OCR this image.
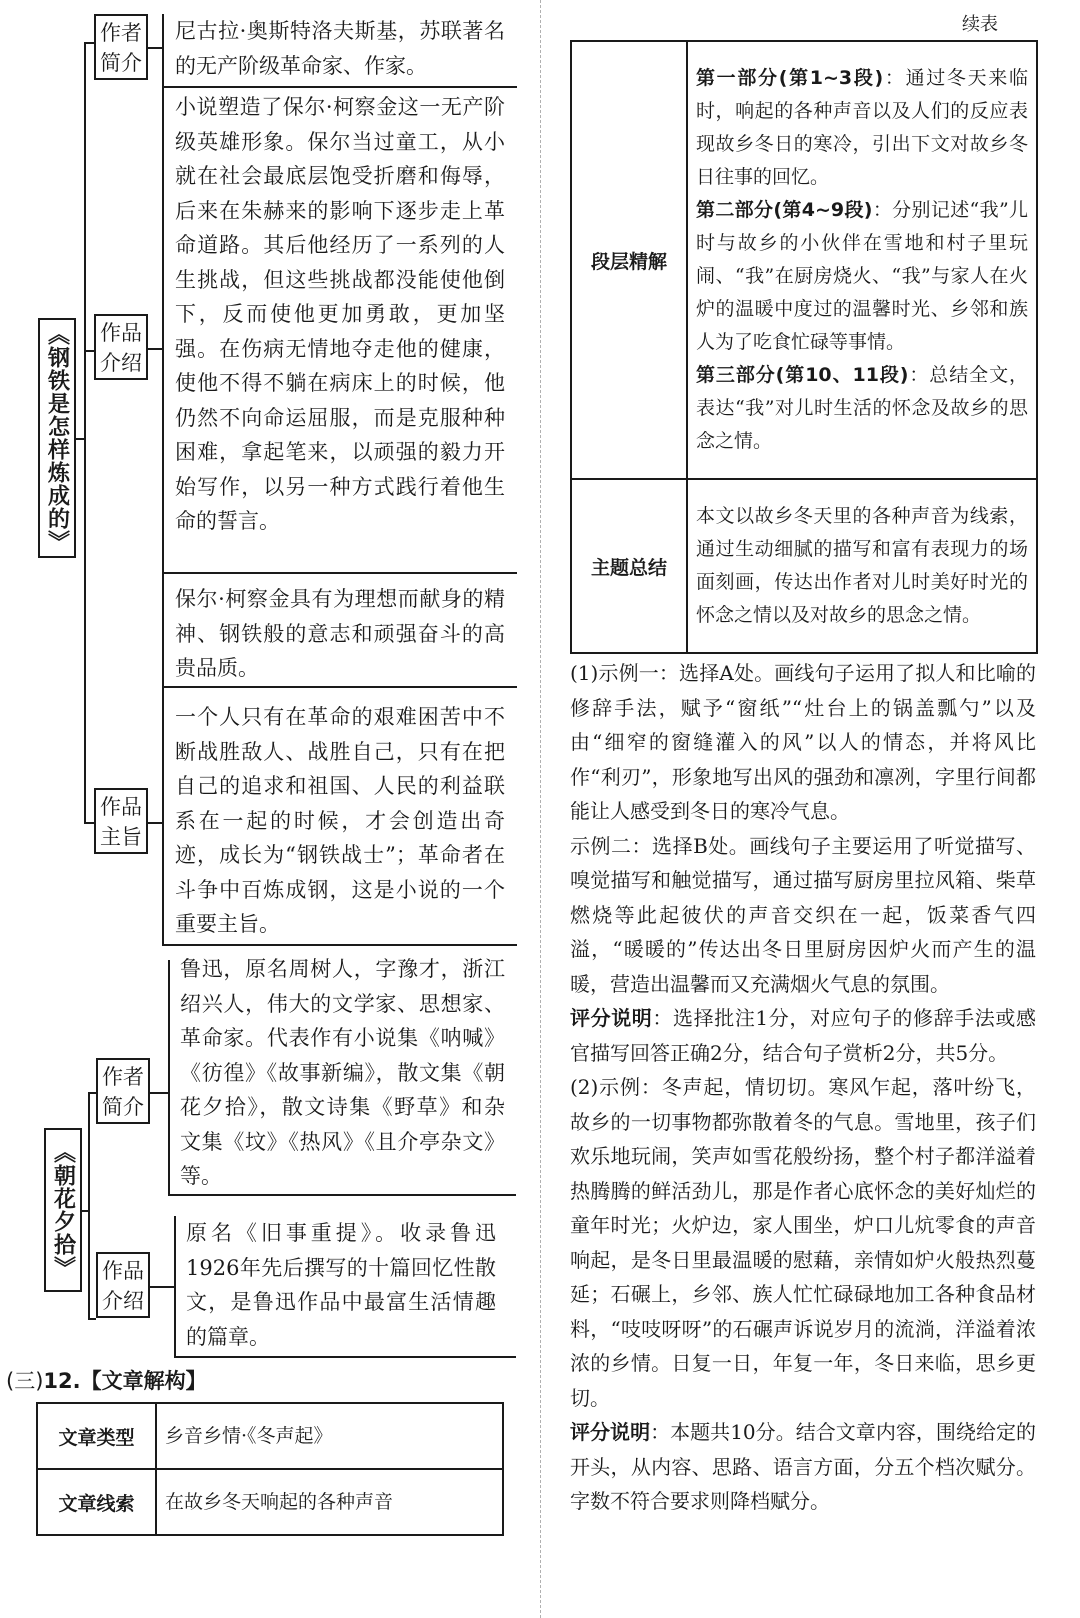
《钢铁是怎样炼成的》
作者简介
尼古拉·奥斯特洛夫斯基，苏联著名的无产阶级革命家、作家。
作品介绍
小说塑造了保尔·柯察金这一无产阶级英雄形象。保尔当过童工，从小就在社会最底层饱受折磨和侮辱，后来在朱赫来的影响下逐步走上革命道路。其后他经历了一系列的人生挑战，但这些挑战都没能使他倒下，反而使他更加勇敢，更加坚强。在伤病无情地夺走他的健康，使他不得不躺在病床上的时候，他仍然不向命运屈服，而是克服种种困难，拿起笔来，以顽强的毅力开始写作，以另一种方式践行着他生命的誓言。
保尔·柯察金具有为理想而献身的精神、钢铁般的意志和顽强奋斗的高贵品质。
作品主旨
一个人只有在革命的艰难困苦中不断战胜敌人、战胜自己，只有在把自己的追求和祖国、人民的利益联系在一起的时候，才会创造出奇迹，成长为“钢铁战士”；革命者在斗争中百炼成钢，这是小说的一个重要主旨。
《朝花夕拾》
作者简介
鲁迅，原名周树人，字豫才，浙江绍兴人，伟大的文学家、思想家、革命家。代表作有小说集《呐喊》《彷徨》《故事新编》，散文集《朝花夕拾》，散文诗集《野草》和杂文集《坟》《热风》《且介亭杂文》等。
作品介绍
原名《旧事重提》。收录鲁迅1926年先后撰写的十篇回忆性散文，是鲁迅作品中最富生活情趣的篇章。
(三)12.【文章解构】
文章类型	乡音乡情·《冬声起》
文章线索	在故乡冬天响起的各种声音
续表
段层精解	第一部分(第1~3段)：通过冬天来临时，响起的各种声音以及人们的反应表现故乡冬日的寒冷，引出下文对故乡冬日往事的回忆。
第二部分(第4~9段)：分别记述“我”儿时与故乡的小伙伴在雪地和村子里玩闹、“我”在厨房烧火、“我”与家人在火炉的温暖中度过的温馨时光、乡邻和族人为了吃食忙碌等事情。
第三部分(第10、11段)：总结全文，表达“我”对儿时生活的怀念及故乡的思念之情。

主题总结	本文以故乡冬天里的各种声音为线索，通过生动细腻的描写和富有表现力的场面刻画，传达出作者对儿时美好时光的怀念之情以及对故乡的思念之情。
(1)示例一：选择A处。画线句子运用了拟人和比喻的修辞手法，赋予“窗纸”“灶台上的锅盖瓢勺”以及由“细窄的窗缝灌入的风”以人的情态，并将风比作“利刃”，形象地写出风的强劲和凛冽，字里行间都能让人感受到冬日的寒冷气息。
示例二：选择B处。画线句子主要运用了听觉描写、嗅觉描写和触觉描写，通过描写厨房里拉风箱、柴草燃烧等此起彼伏的声音交织在一起，饭菜香气四溢，“暖暖的”传达出冬日里厨房因炉火而产生的温暖，营造出温馨而又充满烟火气息的氛围。
评分说明：选择批注1分，对应句子的修辞手法或感官描写回答正确2分，结合句子赏析2分，共5分。
(2)示例：冬声起，情切切。寒风乍起，落叶纷飞，故乡的一切事物都弥散着冬的气息。雪地里，孩子们欢乐地玩闹，笑声如雪花般纷扬，整个村子都洋溢着热腾腾的鲜活劲儿，那是作者心底怀念的美好灿烂的童年时光；火炉边，家人围坐，炉口儿炕零食的声音响起，是冬日里最温暖的慰藉，亲情如炉火般热烈蔓延；石碾上，乡邻、族人忙忙碌碌地加工各种食品材料，“吱吱呀呀”的石碾声诉说岁月的流淌，洋溢着浓浓的乡情。日复一日，年复一年，冬日来临，思乡更切。
评分说明：本题共10分。结合文章内容，围绕给定的开头，从内容、思路、语言方面，分五个档次赋分。字数不符合要求则降档赋分。
